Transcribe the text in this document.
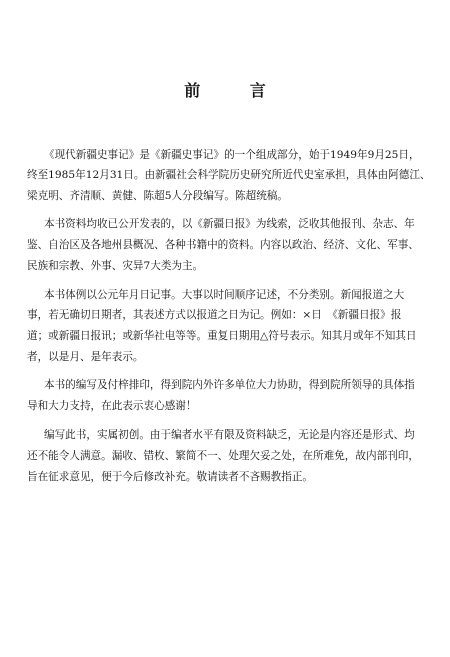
前 言
《现代新疆史事记》是《新疆史事记》的一个组成部分，始于1949年9月25日，
终至1985年12月31日。由新疆社会科学院历史研究所近代史室承担，具体由阿德江、
梁克明、齐清顺、黄健、陈超5人分段编写。陈超统稿。
本书资料均收已公开发表的，以《新疆日报》为线索，泛收其他报刊、杂志、年
鉴、自治区及各地州县概况、各种书籍中的资料。内容以政治、经济、文化、军事、
民族和宗教、外事、灾异7大类为主。
本书体例以公元年月日记事。大事以时间顺序记述，不分类别。新闻报道之大
事，若无确切日期者，其表述方式以报道之日为记。例如：×日　《新疆日报》报
道；或新疆日报讯；或新华社电等等。重复日期用△符号表示。知其月或年不知其日
者，以是月、是年表示。
本书的编写及付梓排印，得到院内外许多单位大力协助，得到院所领导的具体指
导和大力支持，在此表示衷心感谢！
编写此书，实属初创。由于编者水平有限及资料缺乏，无论是内容还是形式、均
还不能令人满意。漏收、错枚、繁简不一、处理欠妥之处，在所难免，故内部刊印，
旨在征求意见，便于今后修改补充。敬请读者不吝赐教指正。
